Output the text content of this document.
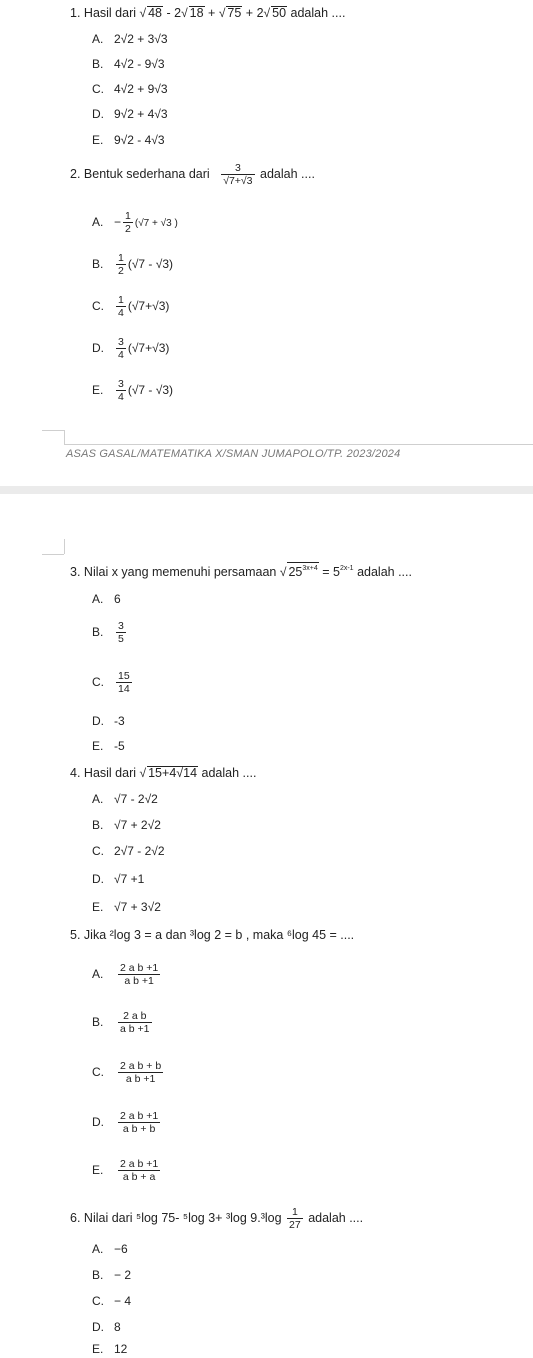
1. Hasil dari √ 48 - 2√ 18 + √ 75 + 2√ 50 adalah ....
A. 2√2 + 3√3
B. 4√2 - 9√3
C. 4√2 + 9√3
D. 9√2 + 4√3
E. 9√2 - 4√3
2. Bentuk sederhana dari $\frac{3}{√7+√3}$ adalah ....
A. − $\frac{1}{2} (√7 + √3$ )
B. $\frac{1}{2} (√7 - √3)$
C. $\frac{1}{4} (√7+√3)$
D. $\frac{3}{4} (√7+√3)$
E. $\frac{3}{4} (√7 - √3)$
ASAS GASAL/MATEMATIKA X/SMAN JUMAPOLO/TP. 2023/2024
3. Nilai x yang memenuhi persamaan √ $25^{3x+4} = 5^{2x-1}$ adalah ....
A. 6
B. $\frac{3}{5}$
C. $\frac{15}{14}$
D. -3
E. -5
4. Hasil dari √ 15+4√14 adalah ....
A. √7 - 2√2
B. √7 + 2√2
C. 2√7 - 2√2
D. √7 +1
E. √7 + 3√2
5. Jika ²log 3 = a dan ³log 2 = b , maka ⁶log 45 = ....
A. $\frac{\text{2 a b +1}}{\text{a b +1}}$
B. $\frac{\text{2 a b}}{\text{a b +1}}$
C. $\frac{\text{2 a b + b}}{\text{a b +1}}$
D. $\frac{\text{2 a b +1}}{\text{a b + b}}$
E. $\frac{\text{2 a b +1}}{\text{a b + a}}$
6. Nilai dari ⁵log 75- ⁵log 3+ ³log $9.^3\log \frac{1}{27}$ adalah ....
A. −6
B. − 2
C. − 4
D. 8
E. 12
